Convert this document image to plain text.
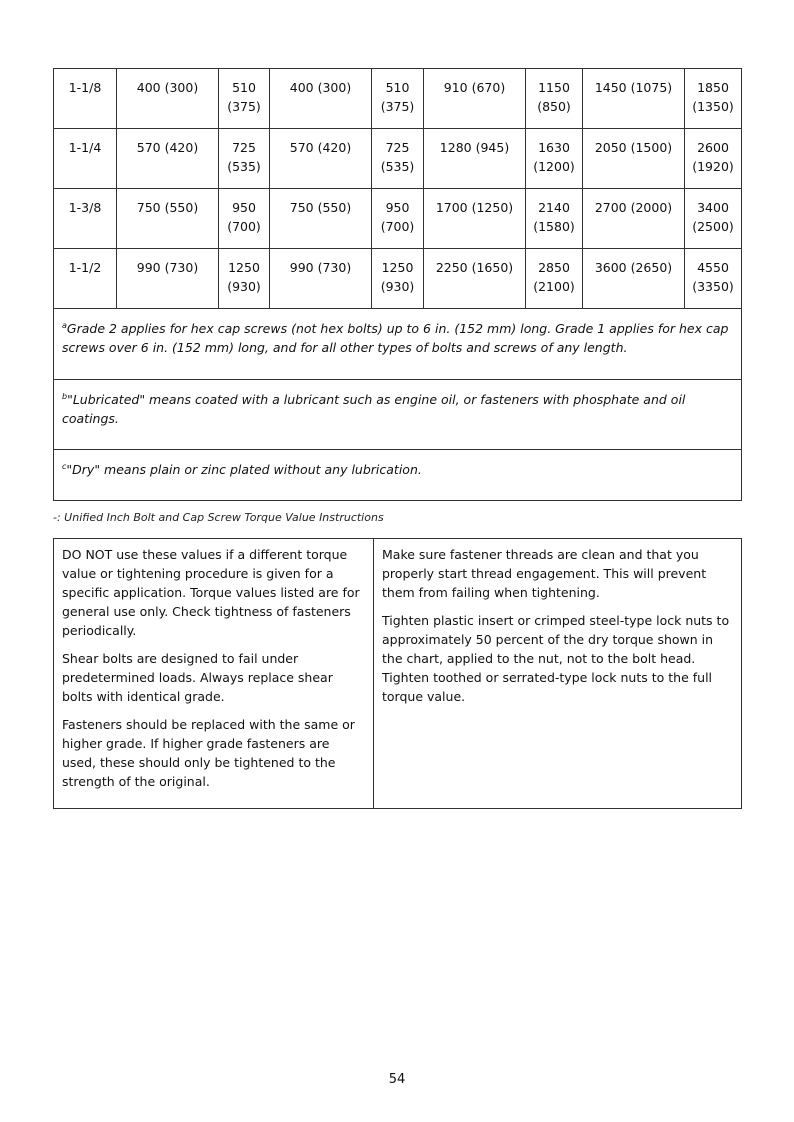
1-1/8	400 (300)	510 (375)	400 (300)	510 (375)	910 (670)	1150 (850)	1450 (1075)	1850 (1350)
1-1/4	570 (420)	725 (535)	570 (420)	725 (535)	1280 (945)	1630 (1200)	2050 (1500)	2600 (1920)
1-3/8	750 (550)	950 (700)	750 (550)	950 (700)	1700 (1250)	2140 (1580)	2700 (2000)	3400 (2500)
1-1/2	990 (730)	1250 (930)	990 (730)	1250 (930)	2250 (1650)	2850 (2100)	3600 (2650)	4550 (3350)
$^a$Grade 2 applies for hex cap screws (not hex bolts) up to 6 in. (152 mm) long. Grade 1 applies for hex cap screws over 6 in. (152 mm) long, and for all other types of bolts and screws of any length.								
$^b$"Lubricated" means coated with a lubricant such as engine oil, or fasteners with phosphate and oil coatings.								
$^c$"Dry" means plain or zinc plated without any lubrication.								
-: Unified Inch Bolt and Cap Screw Torque Value Instructions

DO NOT use these values if a different torque value or tightening procedure is given for a specific application. Torque values listed are for general use only. Check tightness of fasteners periodically.

Shear bolts are designed to fail under predetermined loads. Always replace shear bolts with identical grade.

Fasteners should be replaced with the same or higher grade. If higher grade fasteners are used, these should only be tightened to the strength of the original.

Make sure fastener threads are clean and that you properly start thread engagement. This will prevent them from failing when tightening.

Tighten plastic insert or crimped steel-type lock nuts to approximately 50 percent of the dry torque shown in the chart, applied to the nut, not to the bolt head. Tighten toothed or serrated-type lock nuts to the full torque value.

54
